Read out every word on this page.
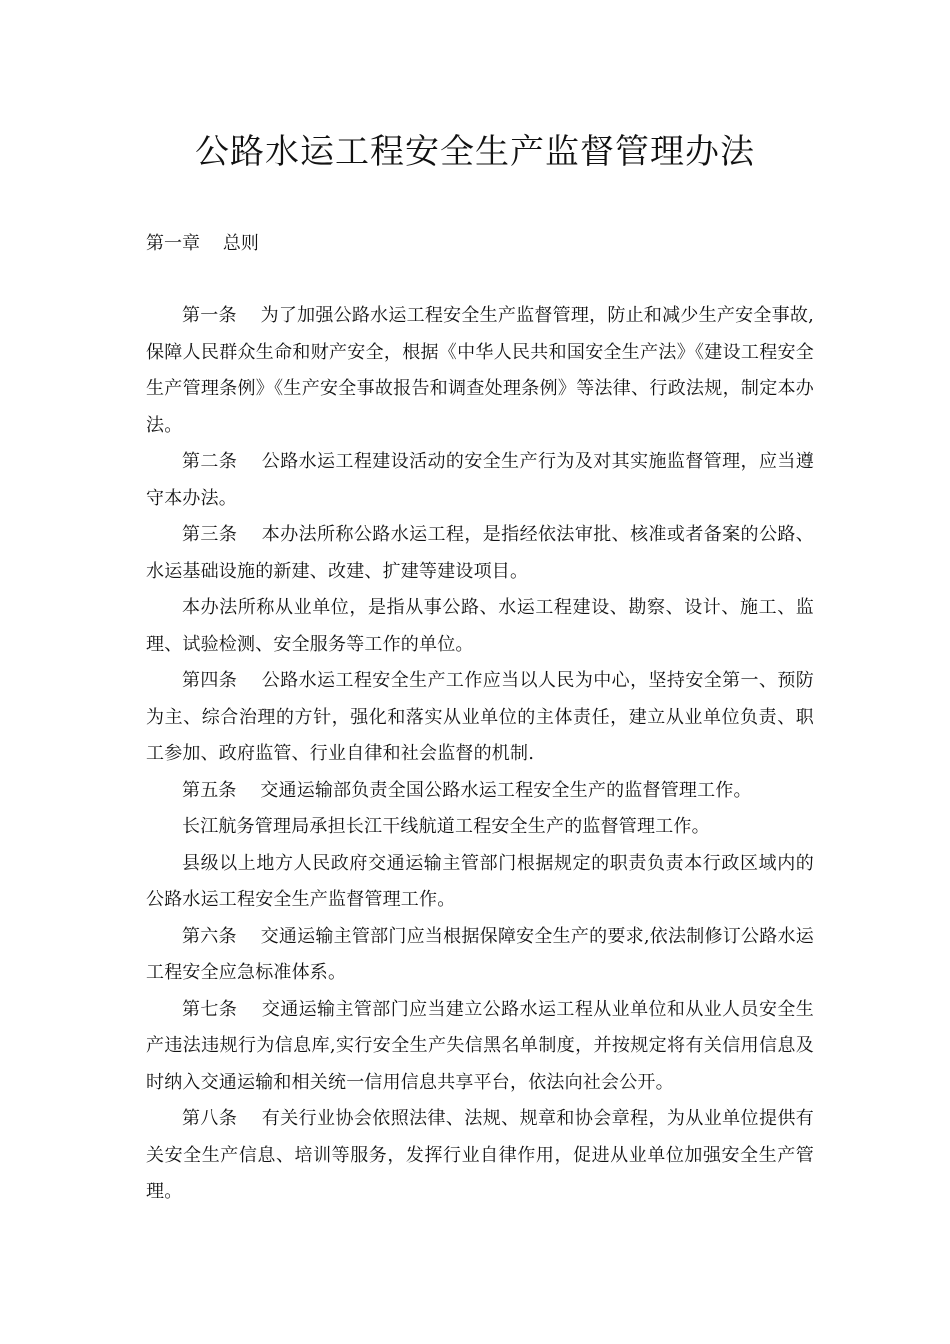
公路水运工程安全生产监督管理办法
第一章    总则

第一条    为了加强公路水运工程安全生产监督管理，防止和减少生产安全事故,保障人民群众生命和财产安全，根据《中华人民共和国安全生产法》《建设工程安全生产管理条例》《生产安全事故报告和调查处理条例》等法律、行政法规，制定本办法。

第二条    公路水运工程建设活动的安全生产行为及对其实施监督管理，应当遵守本办法。

第三条    本办法所称公路水运工程，是指经依法审批、核准或者备案的公路、水运基础设施的新建、改建、扩建等建设项目。

本办法所称从业单位，是指从事公路、水运工程建设、勘察、设计、施工、监理、试验检测、安全服务等工作的单位。

第四条    公路水运工程安全生产工作应当以人民为中心，坚持安全第一、预防为主、综合治理的方针，强化和落实从业单位的主体责任，建立从业单位负责、职工参加、政府监管、行业自律和社会监督的机制.

第五条    交通运输部负责全国公路水运工程安全生产的监督管理工作。

长江航务管理局承担长江干线航道工程安全生产的监督管理工作。

县级以上地方人民政府交通运输主管部门根据规定的职责负责本行政区域内的公路水运工程安全生产监督管理工作。

第六条    交通运输主管部门应当根据保障安全生产的要求,依法制修订公路水运工程安全应急标准体系。

第七条    交通运输主管部门应当建立公路水运工程从业单位和从业人员安全生产违法违规行为信息库,实行安全生产失信黑名单制度，并按规定将有关信用信息及时纳入交通运输和相关统一信用信息共享平台，依法向社会公开。

第八条    有关行业协会依照法律、法规、规章和协会章程，为从业单位提供有关安全生产信息、培训等服务，发挥行业自律作用，促进从业单位加强安全生产管理。
